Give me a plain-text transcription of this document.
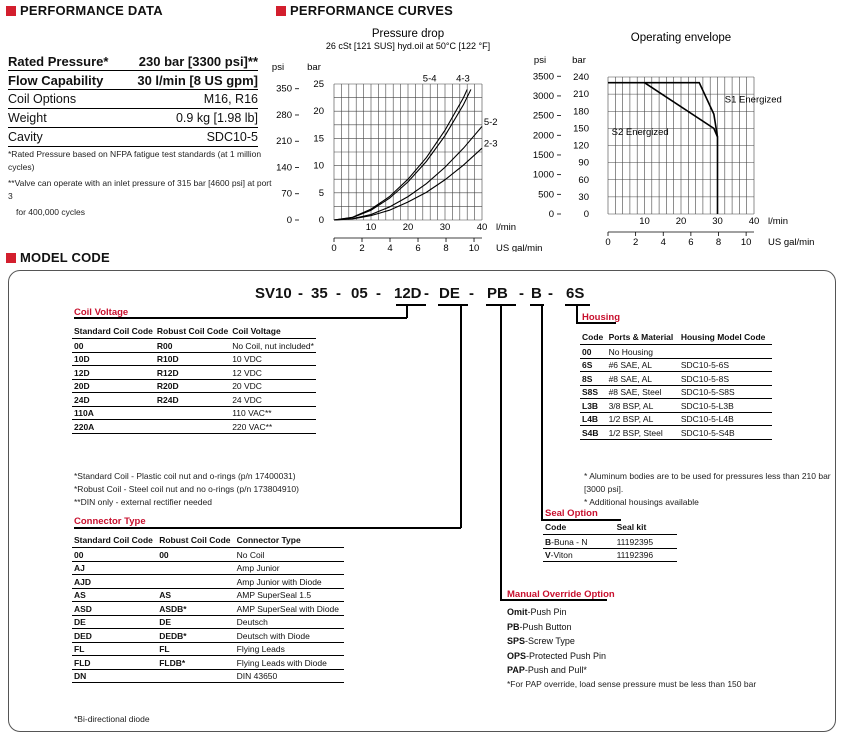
PERFORMANCE DATA
Rated Pressure*	230 bar [3300 psi]**
Flow Capability	30 l/min [8 US gpm]
Coil Options	M16, R16
Weight	0.9 kg [1.98 lb]
Cavity	SDC10-5
*Rated Pressure based on NFPA fatigue test standards (at 1 million cycles)
**Valve can operate with an inlet pressure of 315 bar [4600 psi] at port 3
for 400,000 cycles
PERFORMANCE CURVES
Pressure drop
26 cSt [121 SUS] hyd.oil at 50°C [122 °F]
psi bar
0
5
10
15
20
25
0
70
140
210
280
350
10	20	30	40 l/min
0 2 4 6 8 10 US gal/min
5-4 4-3
5-2
2-3
Operating envelope
psi	bar
0
30
60
90
120
150
180
210
240
0
500
1000
1500
2000
2500
3000
3500
10	20	30	40 l/min
0 2 4 6 8 10 US gal/min
S1 Energized
S2 Energized
MODEL CODE
SV10 - 35 - 05 - 12D - DE - PB - B - 6S
Coil Voltage
Standard Coil Code	Robust Coil Code	Coil Voltage
00	R00	No Coil, nut included*
10D	R10D	10 VDC
12D	R12D	12 VDC
20D	R20D	20 VDC
24D	R24D	24 VDC
110A		110 VAC**
220A		220 VAC**
*Standard Coil - Plastic coil nut and o-rings (p/n 17400031)
*Robust Coil - Steel coil nut and no o-rings (p/n 173804910)
**DIN only - external rectifier needed
Connector Type
Standard Coil Code	Robust Coil Code	Connector Type
00	00	No Coil
AJ		Amp Junior
AJD		Amp Junior with Diode
AS	AS	AMP SuperSeal 1.5
ASD	ASDB*	AMP SuperSeal with Diode
DE	DE	Deutsch
DED	DEDB*	Deutsch with Diode
FL	FL	Flying Leads
FLD	FLDB*	Flying Leads with Diode
DN		DIN 43650
*Bi-directional diode
Housing
Code	Ports & Material	Housing Model Code
00	No Housing	
6S	#6 SAE, AL	SDC10-5-6S
8S	#8 SAE, AL	SDC10-5-8S
S8S	#8 SAE, Steel	SDC10-5-S8S
L3B	3/8 BSP, AL	SDC10-5-L3B
L4B	1/2 BSP, AL	SDC10-5-L4B
S4B	1/2 BSP, Steel	SDC10-5-S4B
* Aluminum bodies are to be used for pressures less than 210 bar [3000 psi].
* Additional housings available
Seal Option
Code	Seal kit
B-Buna - N	11192395
V-Viton	11192396
Manual Override Option
Omit-Push Pin
PB-Push Button
SPS-Screw Type
OPS-Protected Push Pin
PAP-Push and Pull*
*For PAP override, load sense pressure must be less than 150 bar
